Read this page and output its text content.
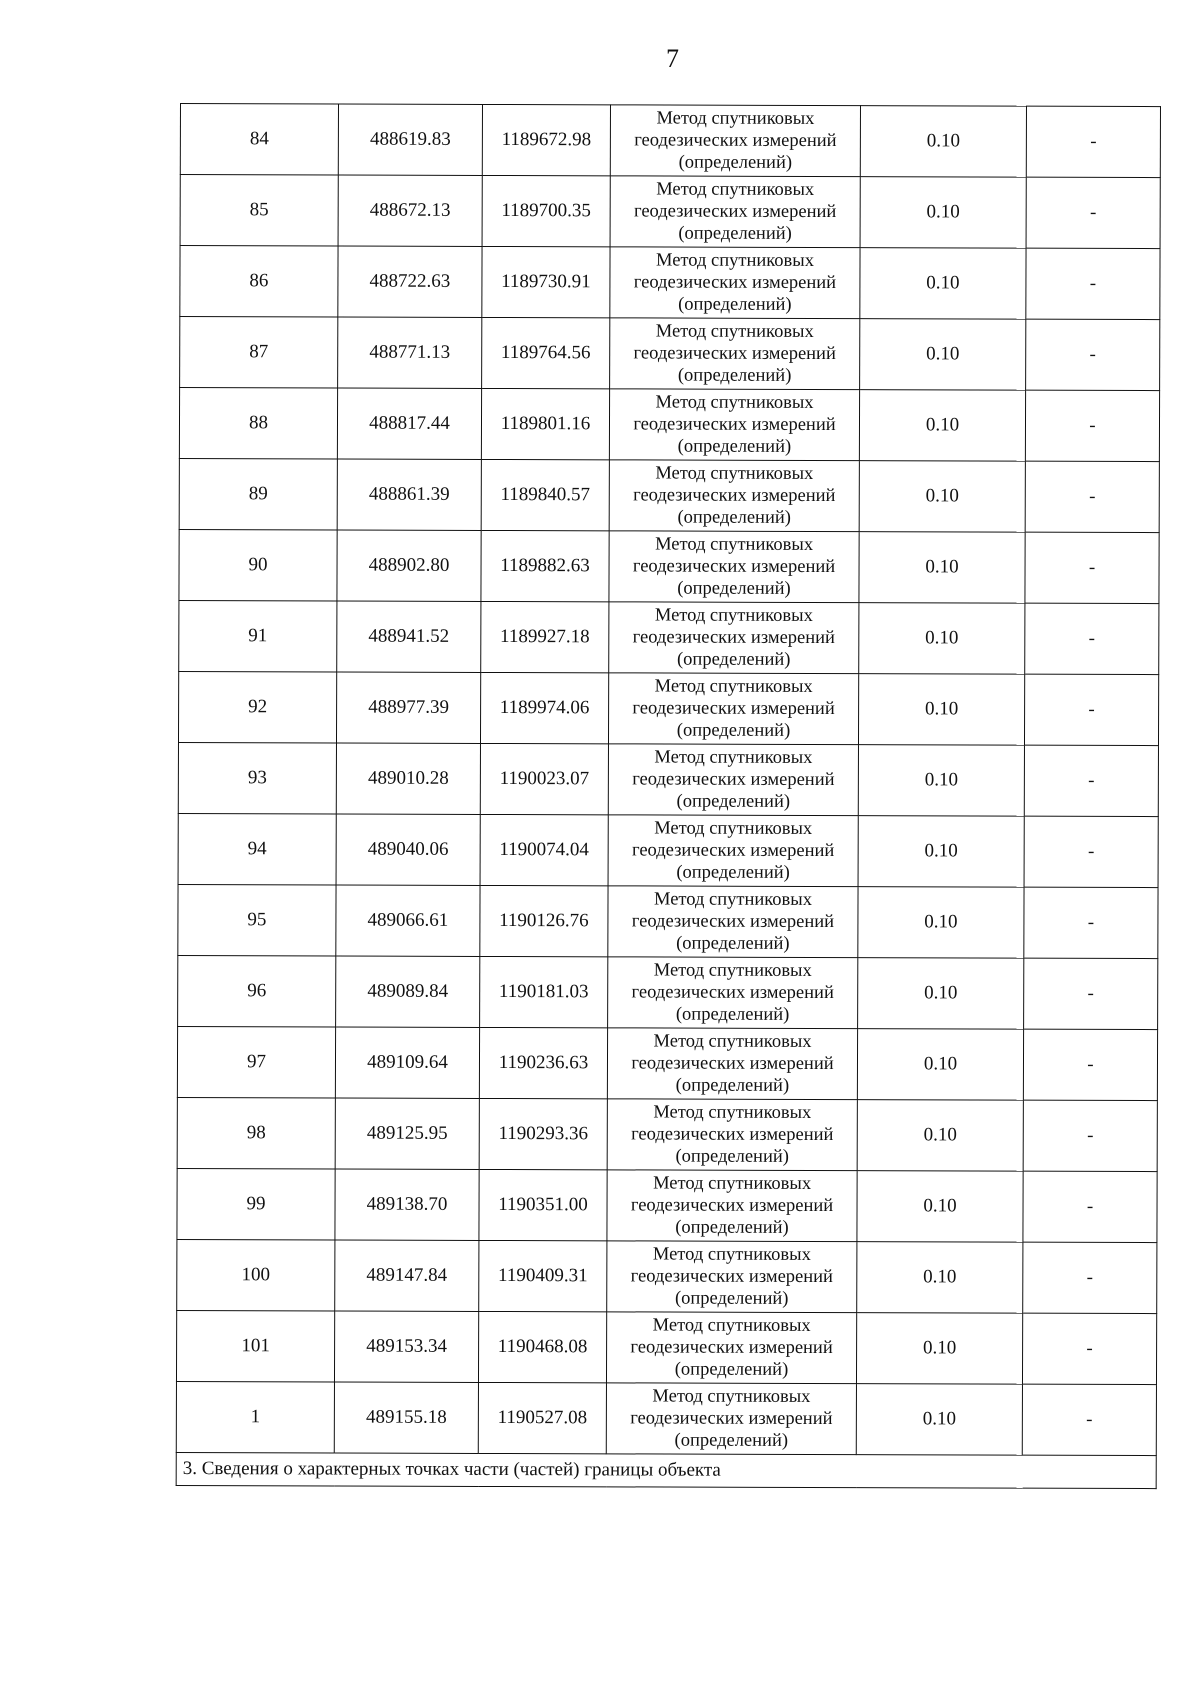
7
84	488619.83	1189672.98	Метод спутниковых геодезических измерений (определений)	0.10	-
85	488672.13	1189700.35	Метод спутниковых геодезических измерений (определений)	0.10	-
86	488722.63	1189730.91	Метод спутниковых геодезических измерений (определений)	0.10	-
87	488771.13	1189764.56	Метод спутниковых геодезических измерений (определений)	0.10	-
88	488817.44	1189801.16	Метод спутниковых геодезических измерений (определений)	0.10	-
89	488861.39	1189840.57	Метод спутниковых геодезических измерений (определений)	0.10	-
90	488902.80	1189882.63	Метод спутниковых геодезических измерений (определений)	0.10	-
91	488941.52	1189927.18	Метод спутниковых геодезических измерений (определений)	0.10	-
92	488977.39	1189974.06	Метод спутниковых геодезических измерений (определений)	0.10	-
93	489010.28	1190023.07	Метод спутниковых геодезических измерений (определений)	0.10	-
94	489040.06	1190074.04	Метод спутниковых геодезических измерений (определений)	0.10	-
95	489066.61	1190126.76	Метод спутниковых геодезических измерений (определений)	0.10	-
96	489089.84	1190181.03	Метод спутниковых геодезических измерений (определений)	0.10	-
97	489109.64	1190236.63	Метод спутниковых геодезических измерений (определений)	0.10	-
98	489125.95	1190293.36	Метод спутниковых геодезических измерений (определений)	0.10	-
99	489138.70	1190351.00	Метод спутниковых геодезических измерений (определений)	0.10	-
100	489147.84	1190409.31	Метод спутниковых геодезических измерений (определений)	0.10	-
101	489153.34	1190468.08	Метод спутниковых геодезических измерений (определений)	0.10	-
1	489155.18	1190527.08	Метод спутниковых геодезических измерений (определений)	0.10	-
3. Сведения о характерных точках части (частей) границы объекта					
